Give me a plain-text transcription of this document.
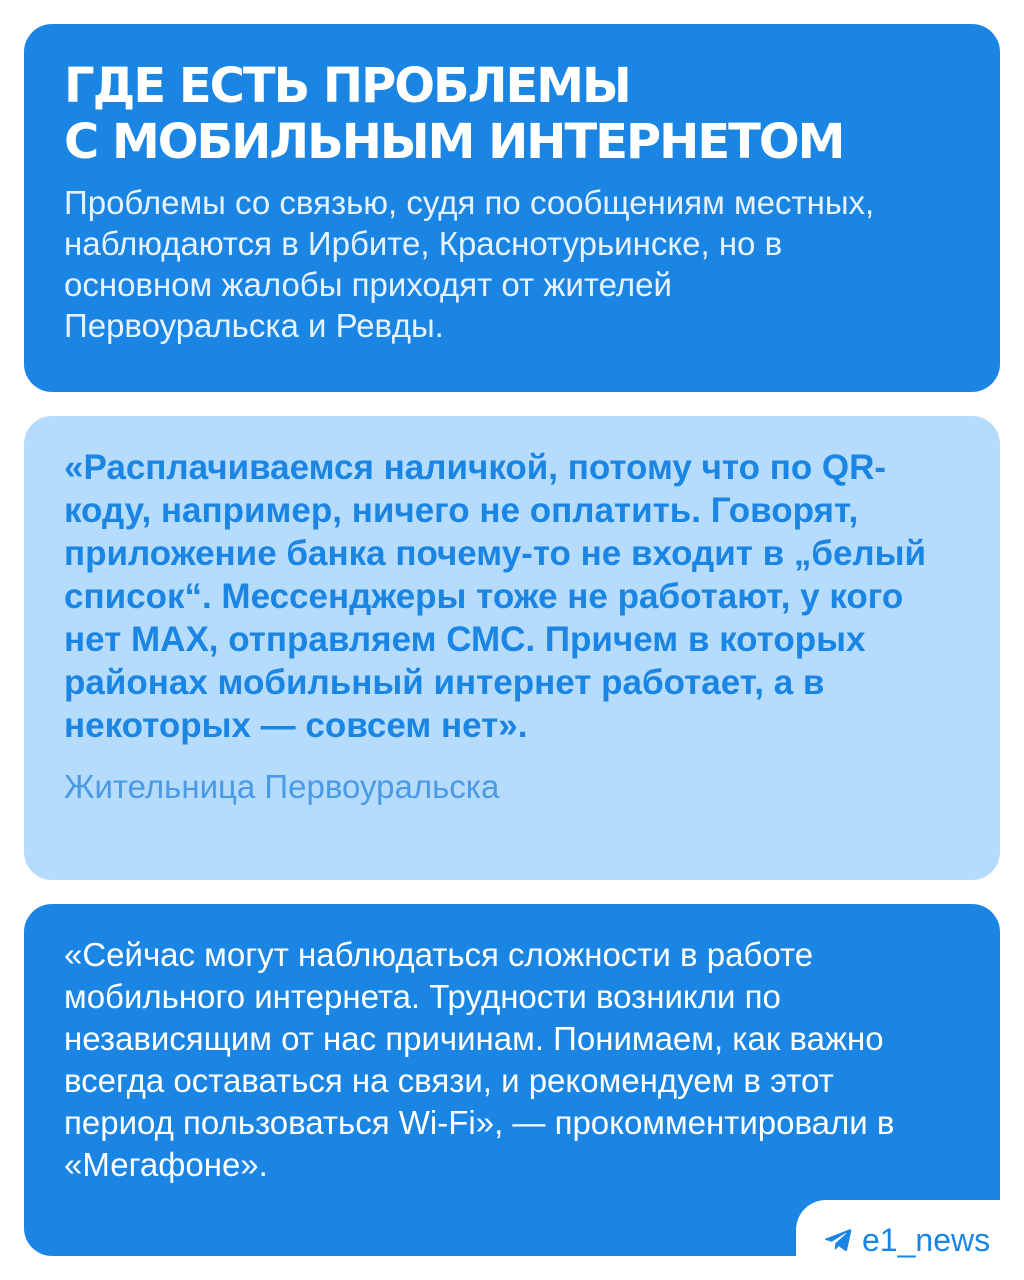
ГДЕ ЕСТЬ ПРОБЛЕМЫ
С МОБИЛЬНЫМ ИНТЕРНЕТОМ

Проблемы со связью, судя по сообщениям местных, наблюдаются в Ирбите, Краснотурьинске, но в основном жалобы приходят от жителей Первоуральска и Ревды.

«Расплачиваемся наличкой, потому что по QR-коду, например, ничего не оплатить. Говорят, приложение банка почему-то не входит в „белый список“. Мессенджеры тоже не работают, у кого нет MAX, отправляем СМС. Причем в которых районах мобильный интернет работает, а в некоторых — совсем нет».

Жительница Первоуральска

«Сейчас могут наблюдаться сложности в работе мобильного интернета. Трудности возникли по независящим от нас причинам. Понимаем, как важно всегда оставаться на связи, и рекомендуем в этот период пользоваться Wi-Fi», — прокомментировали в «Мегафоне».

e1_news
